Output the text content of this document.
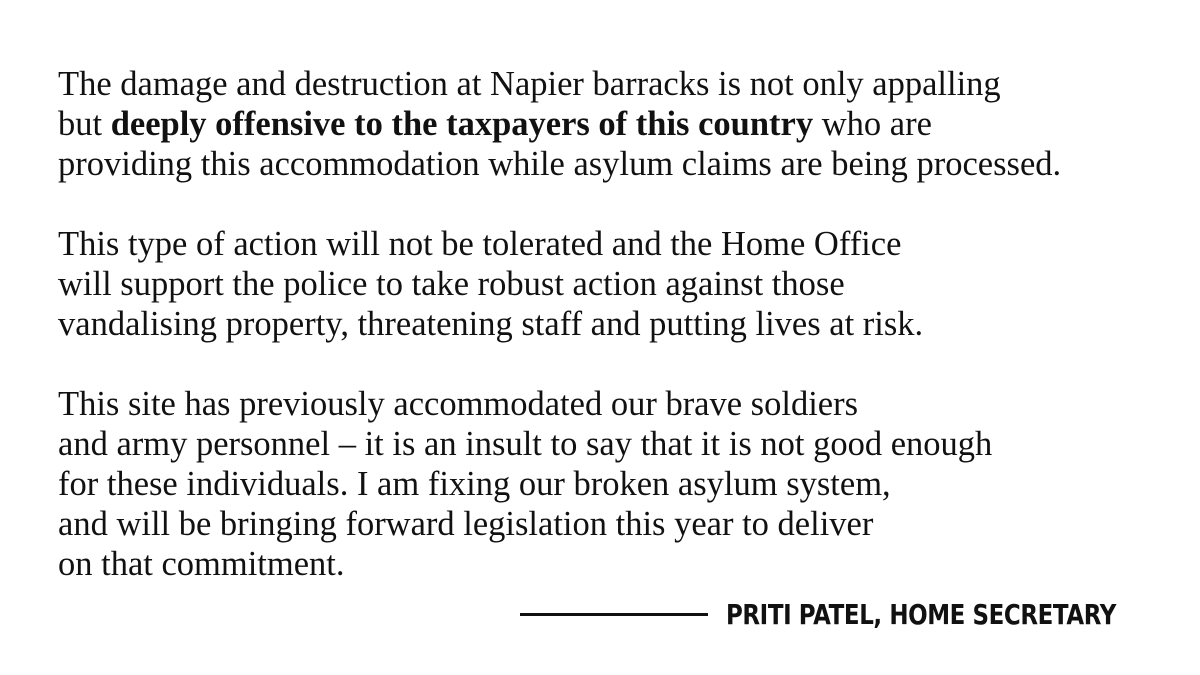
The damage and destruction at Napier barracks is not only appalling
but deeply offensive to the taxpayers of this country who are
providing this accommodation while asylum claims are being processed.

This type of action will not be tolerated and the Home Office
will support the police to take robust action against those
vandalising property, threatening staff and putting lives at risk.

This site has previously accommodated our brave soldiers
and army personnel – it is an insult to say that it is not good enough
for these individuals. I am fixing our broken asylum system,
and will be bringing forward legislation this year to deliver
on that commitment.

PRITI PATEL, HOME SECRETARY
